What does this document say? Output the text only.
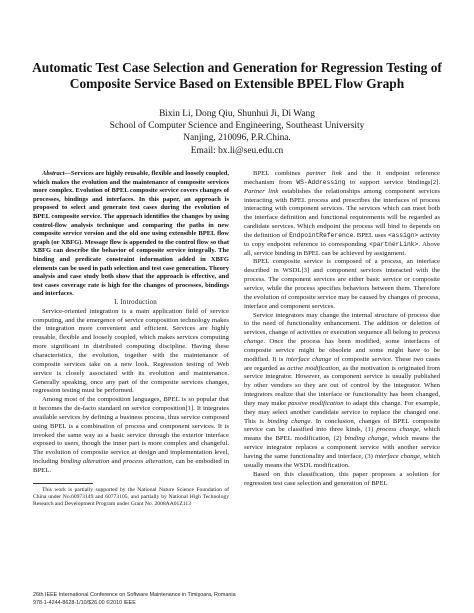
Automatic Test Case Selection and Generation for Regression Testing of Composite Service Based on Extensible BPEL Flow Graph
Bixin Li, Dong Qiu, Shunhui Ji, Di Wang
School of Computer Science and Engineering, Southeast University
Nanjing, 210096, P.R.China.
Email: bx.li@seu.edu.cn

Abstract—Services are highly reusable, flexible and loosely coupled, which makes the evolution and the maintenance of composite services more complex. Evolution of BPEL composite service covers changes of processes, bindings and interfaces. In this paper, an approach is proposed to select and generate test cases during the evolution of BPEL composite service. The approach identifies the changes by using control-flow analysis technique and comparing the paths in new composite service version and the old one using extensible BPEL flow graph (or XBFG). Message flow is appended to the control flow so that XBFG can describe the behavior of composite service integrally. The binding and predicate constraint information added in XBFG elements can be used in path selection and test case generation. Theory analysis and case study both show that the approach is effective, and test cases coverage rate is high for the changes of processes, bindings and interfaces.

I. Introduction

Service-oriented integration is a main application field of service computing, and the emergence of service composition technology makes the integration more convenient and efficient. Services are highly reusable, flexible and loosely coupled, which makes services computing more significant in distributed computing discipline. Having these characteristics, the evolution, together with the maintenance of composite services take on a new look. Regression testing of Web service is closely associated with its evolution and maintenance. Generally speaking, once any part of the composite services changes, regression testing must be performed.

Among most of the composition languages, BPEL is so popular that it becomes the de-facto standard on service composition[1]. It integrates available services by defining a business process, thus service composed using BPEL is a combination of process and component services. It is invoked the same way as a basic service through the exterior interface exposed to users, though the inner part is more complex and changeful. The evolution of composite service at design and implementation level, including binding alteration and process alteration, can be embodied in BPEL.

This work is partially supported by the National Nature Science Foundation of China under No.60973149 and 60773105, and partially by National High Technology Research and Development Program under Grant No. 2008AA01Z113

BPEL combines partner link and the it endpoint reference mechanism from WS-Addressing to support service bindings[2]. Partner link establishes the relationships among component services interacting with BPEL process and prescribes the interfaces of process interacting with component services. The services which can meet both the interface definition and functional requirements will be regarded as candidate services. Which endpoint the process will bind to depends on the definition of EndpointReference. BPEL uses <assign> activity to copy endpoint reference to corresponding <partnerLink>. Above all, service binding in BPEL can be achieved by assignment.

BPEL composite service is composed of a process, an interface described in WSDL[3] and component services interacted with the process. The component services are either basic service or composite service, while the process specifies behaviors between them. Therefore the evolution of composite service may be caused by changes of process, interface and component services.

Service integrators may change the internal structure of process due to the need of functionality enhancement. The addition or deletion of services, change of activities or execution sequence all belong to process change. Once the process has been modified, some interfaces of composite service might be obsolete and some might have to be modified. It is interface change of composite service. These two cases are regarded as active modification, as the motivation is originated from service integrator. However, as component service is usually published by other vendors so they are out of control by the integrator. When integrators realize that the interface or functionality has been changed, they may make passive modification to adapt this change. For example, they may select another candidate service to replace the changed one. This is binding change. In conclusion, changes of BPEL composite service can be classified into three kinds, (1) process change, which means the BPEL modification, (2) binding change, which means the service integrator replaces a component service with another service having the same functionality and interface, (3) interface change, which usually means the WSDL modification.

Based on this classification, this paper proposes a solution for regression test case selection and generation of BPEL

26th IEEE International Conference on Software Maintenance in Timişoara, Romania
978-1-4244-8628-1/10/$26.00 ©2010 IEEE
